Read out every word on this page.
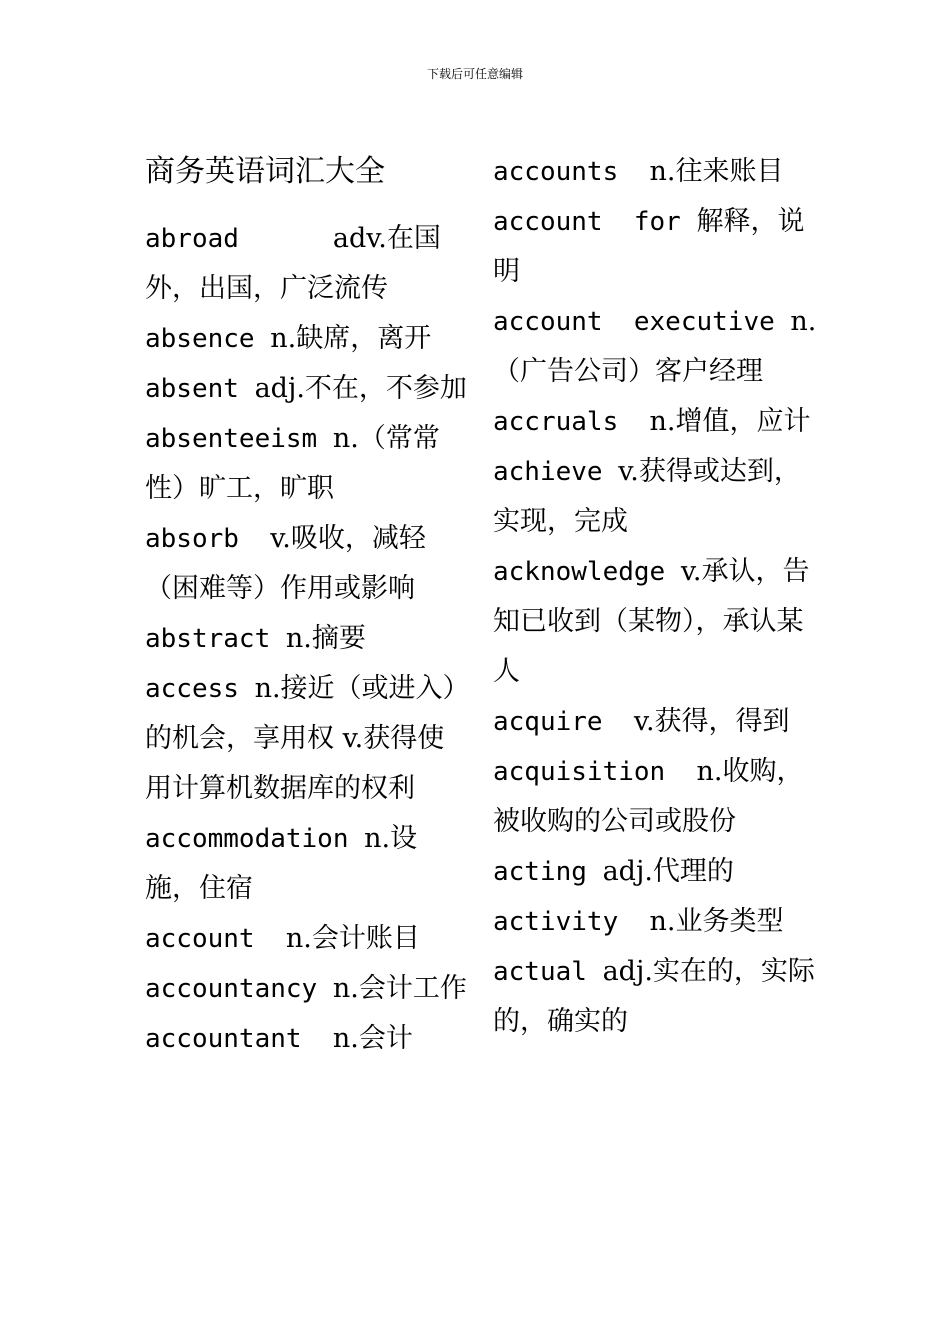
下载后可任意编辑
商务英语词汇大全

abroad      adv.在国外，出国，广泛流传

absence n.缺席，离开

absent adj.不在，不参加

absenteeism n.（常常性）旷工，旷职

absorb  v.吸收，减轻（困难等）作用或影响

abstract n.摘要

access n.接近（或进入）的机会，享用权 v.获得使用计算机数据库的权利

accommodation n.设施，住宿

account  n.会计账目

accountancy n.会计工作

accountant  n.会计

accounts  n.往来账目

account  for 解释，说明

account  executive n.（广告公司）客户经理

accruals  n.增值，应计

achieve v.获得或达到，实现，完成

acknowledge v.承认，告知已收到（某物），承认某人

acquire  v.获得，得到

acquisition  n.收购，被收购的公司或股份

acting adj.代理的

activity  n.业务类型

actual adj.实在的，实际的，确实的
